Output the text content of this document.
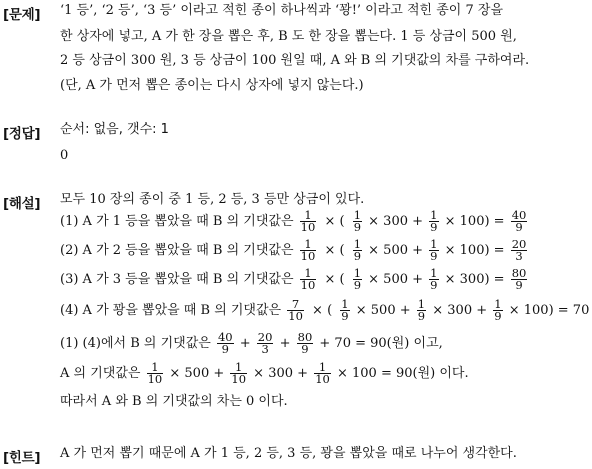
[문제] ‘1 등’, ‘2 등’, ‘3 등’ 이라고 적힌 종이 하나씩과 ‘꽝!’ 이라고 적힌 종이 7 장을
한 상자에 넣고, A 가 한 장을 뽑은 후, B 도 한 장을 뽑는다. 1 등 상금이 500 원,
2 등 상금이 300 원, 3 등 상금이 100 원일 때, A 와 B 의 기댓값의 차를 구하여라.
(단, A 가 먼저 뽑은 종이는 다시 상자에 넣지 않는다.)
[정답] 순서: 없음, 갯수: 1
0
[해설] 모두 10 장의 종이 중 1 등, 2 등, 3 등만 상금이 있다.
(1) A 가 1 등을 뽑았을 때 B 의 기댓값은 $\frac{1}{10}$ × ( $\frac{1}{9} \times 300 + \frac{1}{9} \times 100) = \frac{40}{9}$
(2) A 가 2 등을 뽑았을 때 B 의 기댓값은 $\frac{1}{10}$ × ( $\frac{1}{9} \times 500 + \frac{1}{9} \times 100) = \frac{20}{3}$
(3) A 가 3 등을 뽑았을 때 B 의 기댓값은 $\frac{1}{10}$ × ( $\frac{1}{9} \times 500 + \frac{1}{9} \times 300) = \frac{80}{9}$
(4) A 가 꽝을 뽑았을 때 B 의 기댓값은 $\frac{7}{10}$ × ( $\frac{1}{9} \times 500 + \frac{1}{9} \times 300 + \frac{1}{9} \times 100) = 70$
(1) (4)에서 B 의 기댓값은 $\frac{40}{9} + \frac{20}{3} + \frac{80}{9} + 70 = 90$(원) 이고,
A 의 기댓값은 $\frac{1}{10} \times 500 + \frac{1}{10} \times 300 + \frac{1}{10} \times 100 = 90$(원) 이다.
따라서 A 와 B 의 기댓값의 차는 0 이다.
[힌트] A 가 먼저 뽑기 때문에 A 가 1 등, 2 등, 3 등, 꽝을 뽑았을 때로 나누어 생각한다.
